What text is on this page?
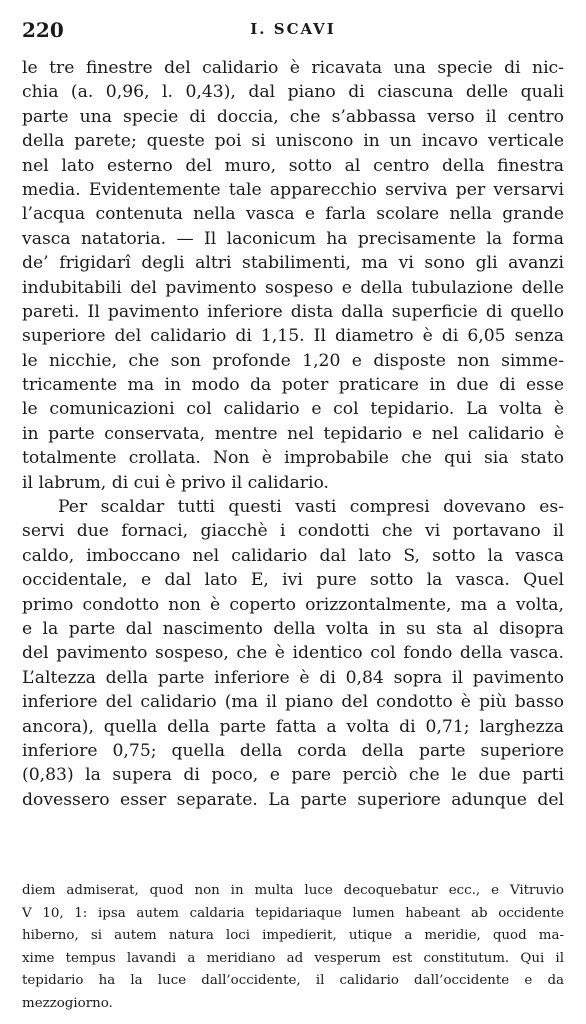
220	I. SCAVI
le tre finestre del calidario è ricavata una specie di nic-
chia (a. 0,96, l. 0,43), dal piano di ciascuna delle quali
parte una specie di doccia, che s’abbassa verso il centro
della parete; queste poi si uniscono in un incavo verticale
nel lato esterno del muro, sotto al centro della finestra
media. Evidentemente tale apparecchio serviva per versarvi
l’acqua contenuta nella vasca e farla scolare nella grande
vasca natatoria. — Il laconicum ha precisamente la forma
de’ frigidarî degli altri stabilimenti, ma vi sono gli avanzi
indubitabili del pavimento sospeso e della tubulazione delle
pareti. Il pavimento inferiore dista dalla superficie di quello
superiore del calidario di 1,15. Il diametro è di 6,05 senza
le nicchie, che son profonde 1,20 e disposte non simme-
tricamente ma in modo da poter praticare in due di esse
le comunicazioni col calidario e col tepidario. La volta è
in parte conservata, mentre nel tepidario e nel calidario è
totalmente crollata. Non è improbabile che qui sia stato
il labrum, di cui è privo il calidario.
Per scaldar tutti questi vasti compresi dovevano es-
servi due fornaci, giacchè i condotti che vi portavano il
caldo, imboccano nel calidario dal lato S, sotto la vasca
occidentale, e dal lato E, ivi pure sotto la vasca. Quel
primo condotto non è coperto orizzontalmente, ma a volta,
e la parte dal nascimento della volta in su sta al disopra
del pavimento sospeso, che è identico col fondo della vasca.
L’altezza della parte inferiore è di 0,84 sopra il pavimento
inferiore del calidario (ma il piano del condotto è più basso
ancora), quella della parte fatta a volta di 0,71; larghezza
inferiore 0,75; quella della corda della parte superiore
(0,83) la supera di poco, e pare perciò che le due parti
dovessero esser separate. La parte superiore adunque del
diem admiserat, quod non in multa luce decoquebatur ecc., e Vitruvio
V 10, 1: ipsa autem caldaria tepidariaque lumen habeant ab occidente
hiberno, si autem natura loci impedierit, utique a meridie, quod ma-
xime tempus lavandi a meridiano ad vesperum est constitutum. Qui il
tepidario ha la luce dall’occidente, il calidario dall’occidente e da
mezzogiorno.
